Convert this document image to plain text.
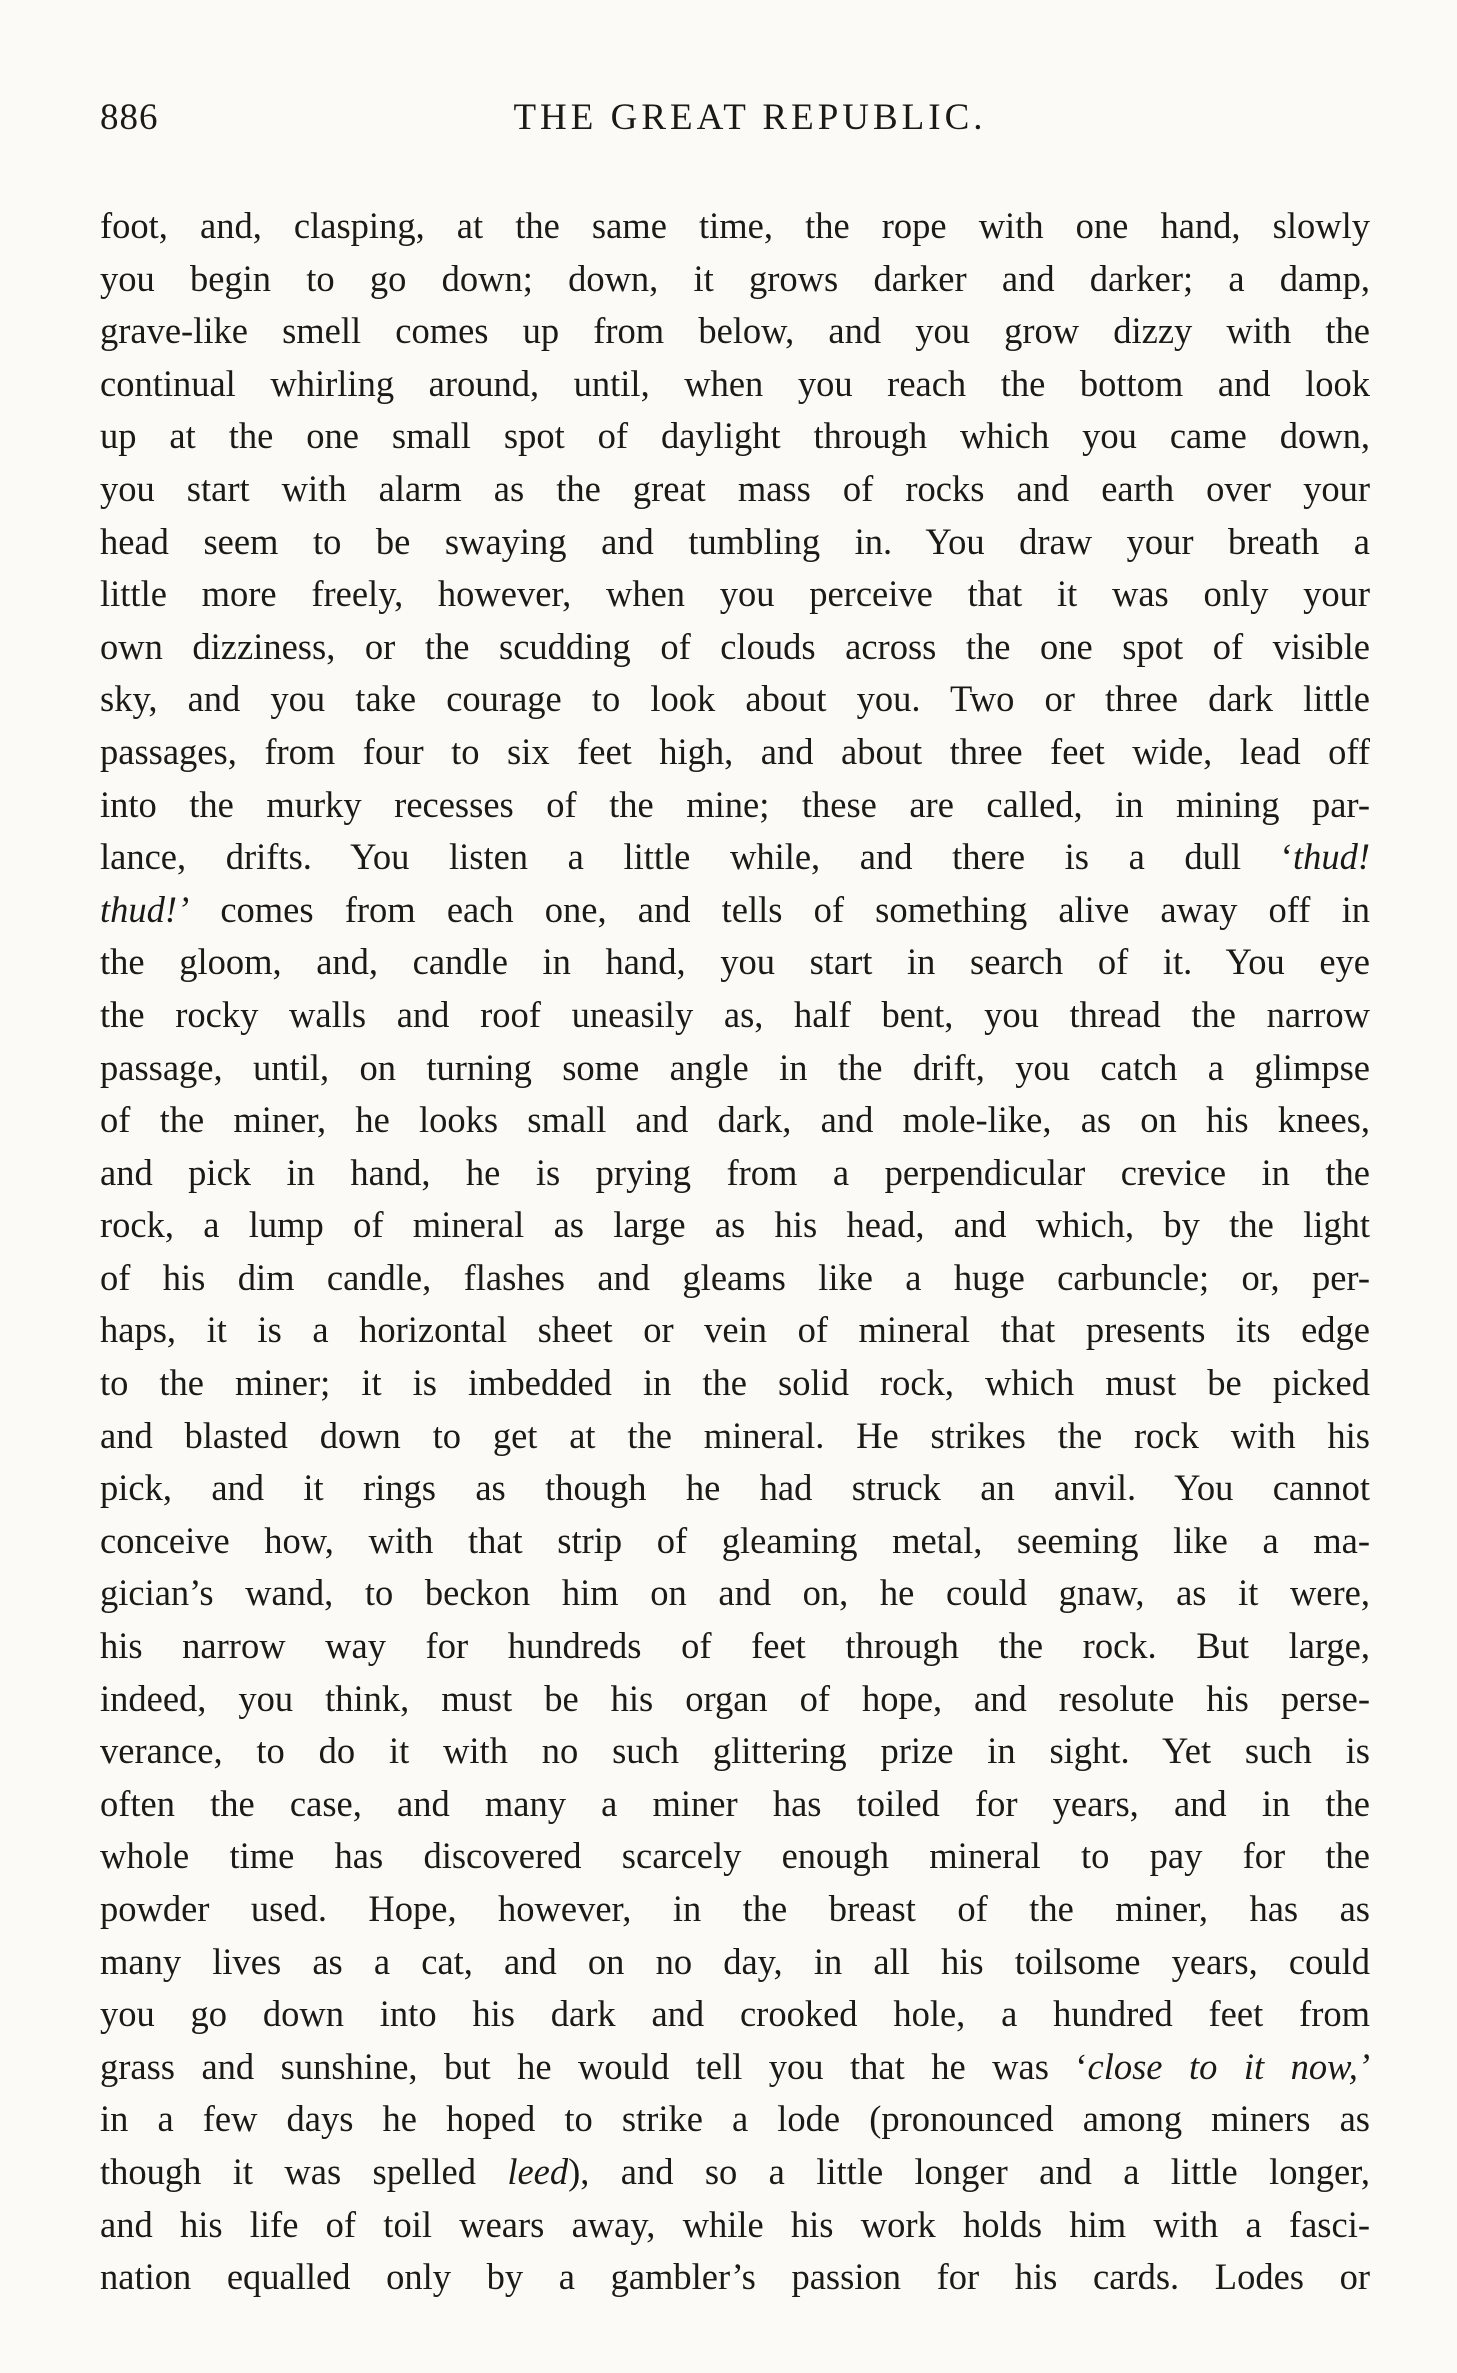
886	THE GREAT REPUBLIC.
foot, and, clasping, at the same time, the rope with one hand, slowly
you begin to go down; down, it grows darker and darker; a damp,
grave-like smell comes up from below, and you grow dizzy with the
continual whirling around, until, when you reach the bottom and look
up at the one small spot of daylight through which you came down,
you start with alarm as the great mass of rocks and earth over your
head seem to be swaying and tumbling in. You draw your breath a
little more freely, however, when you perceive that it was only your
own dizziness, or the scudding of clouds across the one spot of visible
sky, and you take courage to look about you. Two or three dark little
passages, from four to six feet high, and about three feet wide, lead off
into the murky recesses of the mine; these are called, in mining par-
lance, drifts. You listen a little while, and there is a dull ‘thud!
thud!’ comes from each one, and tells of something alive away off in
the gloom, and, candle in hand, you start in search of it. You eye
the rocky walls and roof uneasily as, half bent, you thread the narrow
passage, until, on turning some angle in the drift, you catch a glimpse
of the miner, he looks small and dark, and mole-like, as on his knees,
and pick in hand, he is prying from a perpendicular crevice in the
rock, a lump of mineral as large as his head, and which, by the light
of his dim candle, flashes and gleams like a huge carbuncle; or, per-
haps, it is a horizontal sheet or vein of mineral that presents its edge
to the miner; it is imbedded in the solid rock, which must be picked
and blasted down to get at the mineral. He strikes the rock with his
pick, and it rings as though he had struck an anvil. You cannot
conceive how, with that strip of gleaming metal, seeming like a ma-
gician’s wand, to beckon him on and on, he could gnaw, as it were,
his narrow way for hundreds of feet through the rock. But large,
indeed, you think, must be his organ of hope, and resolute his perse-
verance, to do it with no such glittering prize in sight. Yet such is
often the case, and many a miner has toiled for years, and in the
whole time has discovered scarcely enough mineral to pay for the
powder used. Hope, however, in the breast of the miner, has as
many lives as a cat, and on no day, in all his toilsome years, could
you go down into his dark and crooked hole, a hundred feet from
grass and sunshine, but he would tell you that he was ‘close to it now,’
in a few days he hoped to strike a lode (pronounced among miners as
though it was spelled leed), and so a little longer and a little longer,
and his life of toil wears away, while his work holds him with a fasci-
nation equalled only by a gambler’s passion for his cards. Lodes or
